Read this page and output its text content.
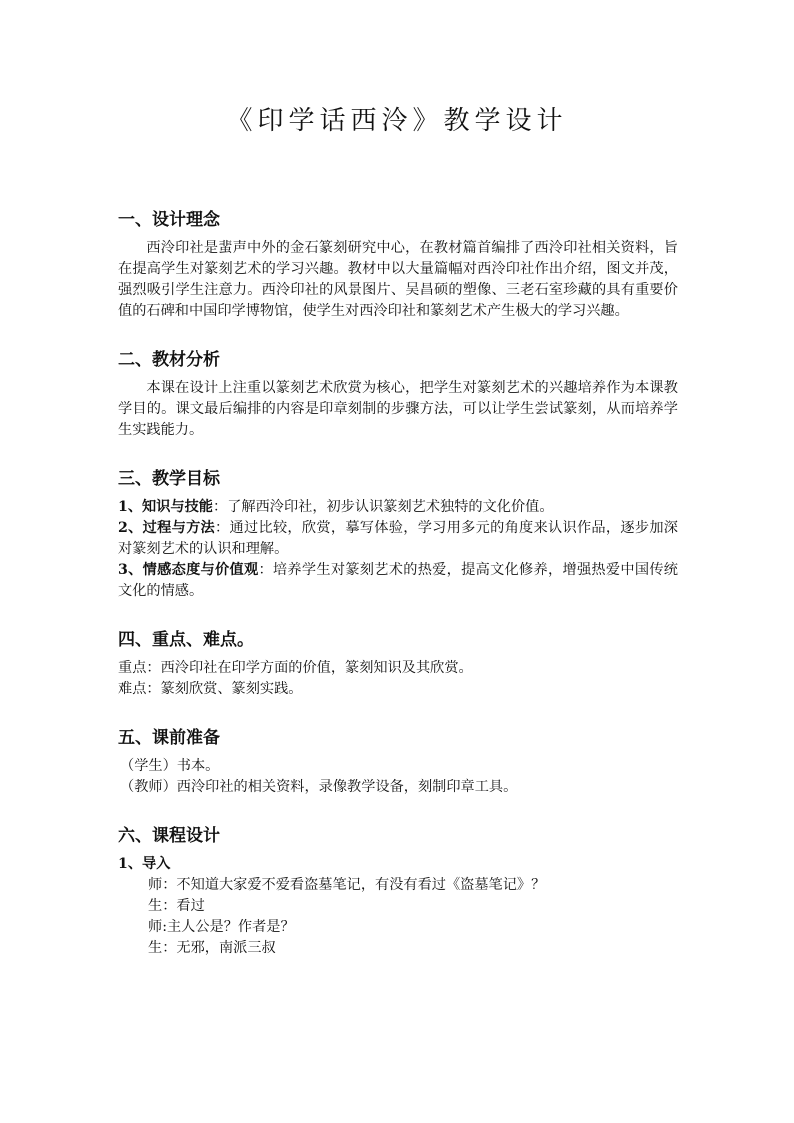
《印学话西泠》教学设计
一、设计理念
西泠印社是蜚声中外的金石篆刻研究中心，在教材篇首编排了西泠印社相关资料，旨在提高学生对篆刻艺术的学习兴趣。教材中以大量篇幅对西泠印社作出介绍，图文并茂，强烈吸引学生注意力。西泠印社的风景图片、吴昌硕的塑像、三老石室珍藏的具有重要价值的石碑和中国印学博物馆，使学生对西泠印社和篆刻艺术产生极大的学习兴趣。
二、教材分析
本课在设计上注重以篆刻艺术欣赏为核心，把学生对篆刻艺术的兴趣培养作为本课教学目的。课文最后编排的内容是印章刻制的步骤方法，可以让学生尝试篆刻，从而培养学生实践能力。
三、教学目标
1、知识与技能：了解西泠印社，初步认识篆刻艺术独特的文化价值。
2、过程与方法：通过比较，欣赏，摹写体验，学习用多元的角度来认识作品，逐步加深对篆刻艺术的认识和理解。
3、情感态度与价值观：培养学生对篆刻艺术的热爱，提高文化修养，增强热爱中国传统文化的情感。
四、重点、难点。
重点：西泠印社在印学方面的价值，篆刻知识及其欣赏。
难点：篆刻欣赏、篆刻实践。
五、课前准备
（学生）书本。
（教师）西泠印社的相关资料，录像教学设备，刻制印章工具。
六、课程设计
1、导入
师：不知道大家爱不爱看盗墓笔记，有没有看过《盗墓笔记》？
生：看过
师:主人公是？作者是？
生：无邪，南派三叔
